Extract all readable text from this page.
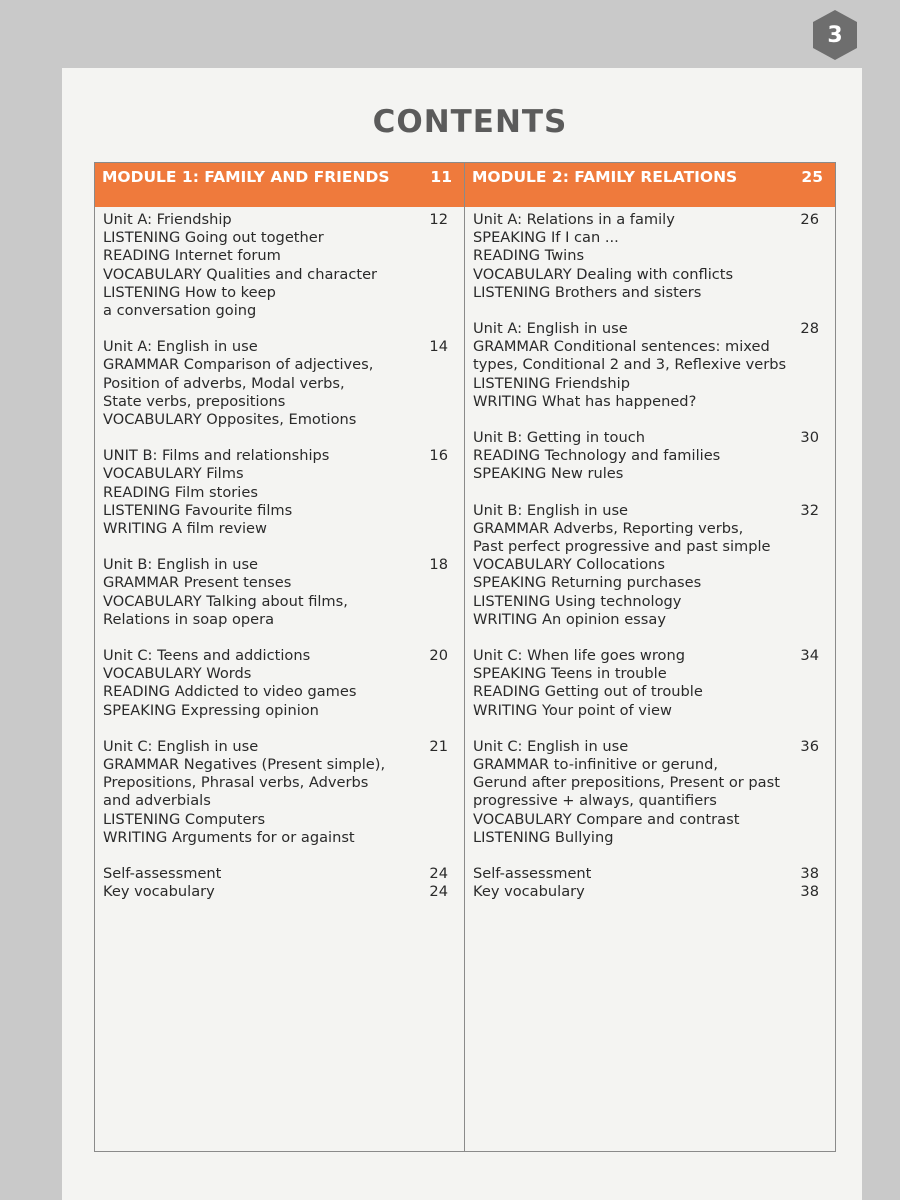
3
CONTENTS
MODULE 1: FAMILY AND FRIENDS	11
Unit A: Friendship	12
LISTENING Going out together
READING Internet forum
VOCABULARY Qualities and character
LISTENING How to keep
a conversation going
Unit A: English in use	14
GRAMMAR Comparison of adjectives,
Position of adverbs, Modal verbs,
State verbs, prepositions
VOCABULARY Opposites, Emotions
UNIT B: Films and relationships	16
VOCABULARY Films
READING Film stories
LISTENING Favourite films
WRITING A film review
Unit B: English in use	18
GRAMMAR Present tenses
VOCABULARY Talking about films,
Relations in soap opera
Unit C: Teens and addictions	20
VOCABULARY Words
READING Addicted to video games
SPEAKING Expressing opinion
Unit C: English in use	21
GRAMMAR Negatives (Present simple),
Prepositions, Phrasal verbs, Adverbs
and adverbials
LISTENING Computers
WRITING Arguments for or against
Self-assessment	24
Key vocabulary	24
MODULE 2: FAMILY RELATIONS	25
Unit A: Relations in a family	26
SPEAKING If I can ...
READING Twins
VOCABULARY Dealing with conflicts
LISTENING Brothers and sisters
Unit A: English in use	28
GRAMMAR Conditional sentences: mixed
types, Conditional 2 and 3, Reflexive verbs
LISTENING Friendship
WRITING What has happened?
Unit B: Getting in touch	30
READING Technology and families
SPEAKING New rules
Unit B: English in use	32
GRAMMAR Adverbs, Reporting verbs,
Past perfect progressive and past simple
VOCABULARY Collocations
SPEAKING Returning purchases
LISTENING Using technology
WRITING An opinion essay
Unit C: When life goes wrong	34
SPEAKING Teens in trouble
READING Getting out of trouble
WRITING Your point of view
Unit C: English in use	36
GRAMMAR to-infinitive or gerund,
Gerund after prepositions, Present or past
progressive + always, quantifiers
VOCABULARY Compare and contrast
LISTENING Bullying
Self-assessment	38
Key vocabulary	38
